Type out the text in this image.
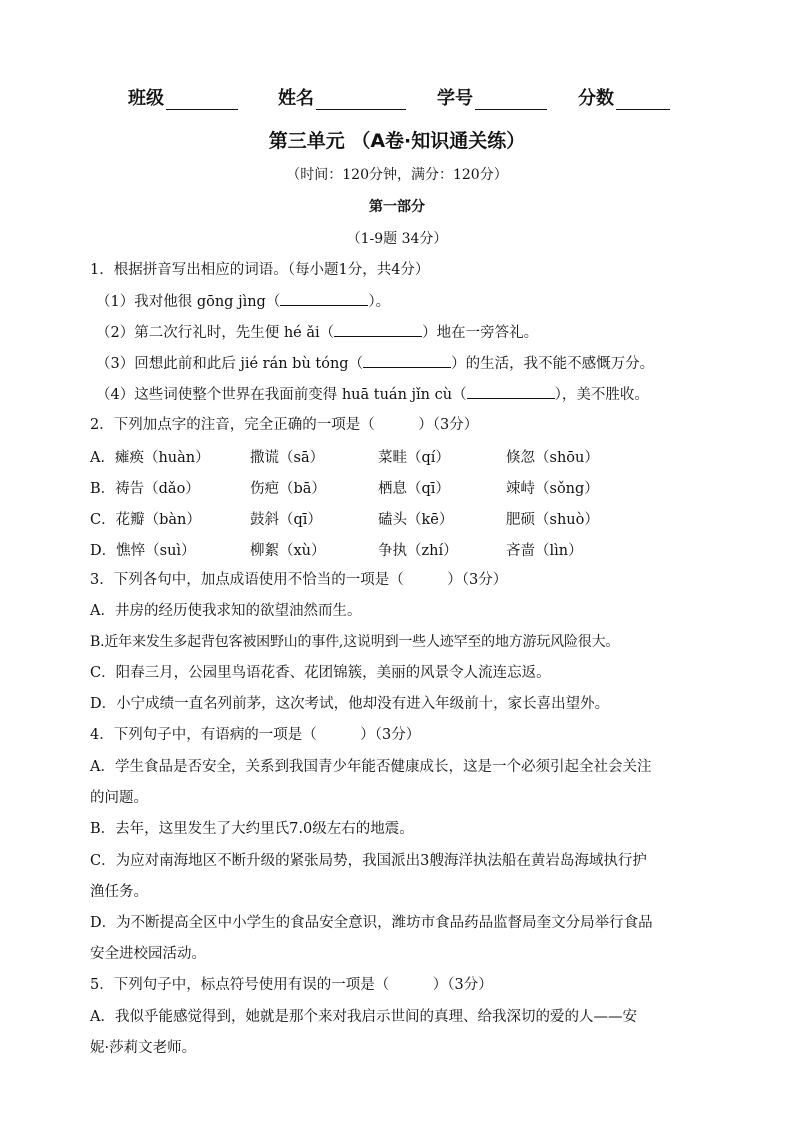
班级	姓名	学号	分数
第三单元 （A卷·知识通关练）
（时间：120分钟，满分：120分）
第一部分
（1-9题 34分）
1．根据拼音写出相应的词语。（每小题1分，共4分）
（1）我对他很 gōng jìng（	）。
（2）第二次行礼时，先生便 hé ǎi（	）地在一旁答礼。
（3）回想此前和此后 jié rán bù tóng（	）的生活，我不能不感慨万分。
（4）这些词使整个世界在我面前变得 huā tuán jǐn cù（	），美不胜收。
2．下列加点字的注音，完全正确的一项是（　　　）（3分）
A．瘫痪（huàn）	撒谎（sā）	菜畦（qí）	倏忽（shōu）
B．祷告（dǎo）	伤疤（bā）	栖息（qī）	竦峙（sǒng）
C．花瓣（bàn）	鼓斜（qī）	磕头（kē）	肥硕（shuò）
D．憔悴（suì）	柳絮（xù）	争执（zhí）	吝啬（lìn）
3．下列各句中，加点成语使用不恰当的一项是（　　　）（3分）
A．井房的经历使我求知的欲望油然而生。
B.近年来发生多起背包客被困野山的事件,这说明到一些人迹罕至的地方游玩风险很大。
C．阳春三月，公园里鸟语花香、花团锦簇，美丽的风景令人流连忘返。
D．小宁成绩一直名列前茅，这次考试，他却没有进入年级前十，家长喜出望外。
4．下列句子中，有语病的一项是（　　　）（3分）
A．学生食品是否安全，关系到我国青少年能否健康成长，这是一个必须引起全社会关注
的问题。
B．去年，这里发生了大约里氏7.0级左右的地震。
C．为应对南海地区不断升级的紧张局势，我国派出3艘海洋执法船在黄岩岛海域执行护
渔任务。
D．为不断提高全区中小学生的食品安全意识，潍坊市食品药品监督局奎文分局举行食品
安全进校园活动。
5．下列句子中，标点符号使用有误的一项是（　　　）（3分）
A．我似乎能感觉得到，她就是那个来对我启示世间的真理、给我深切的爱的人——安
妮·莎莉文老师。
